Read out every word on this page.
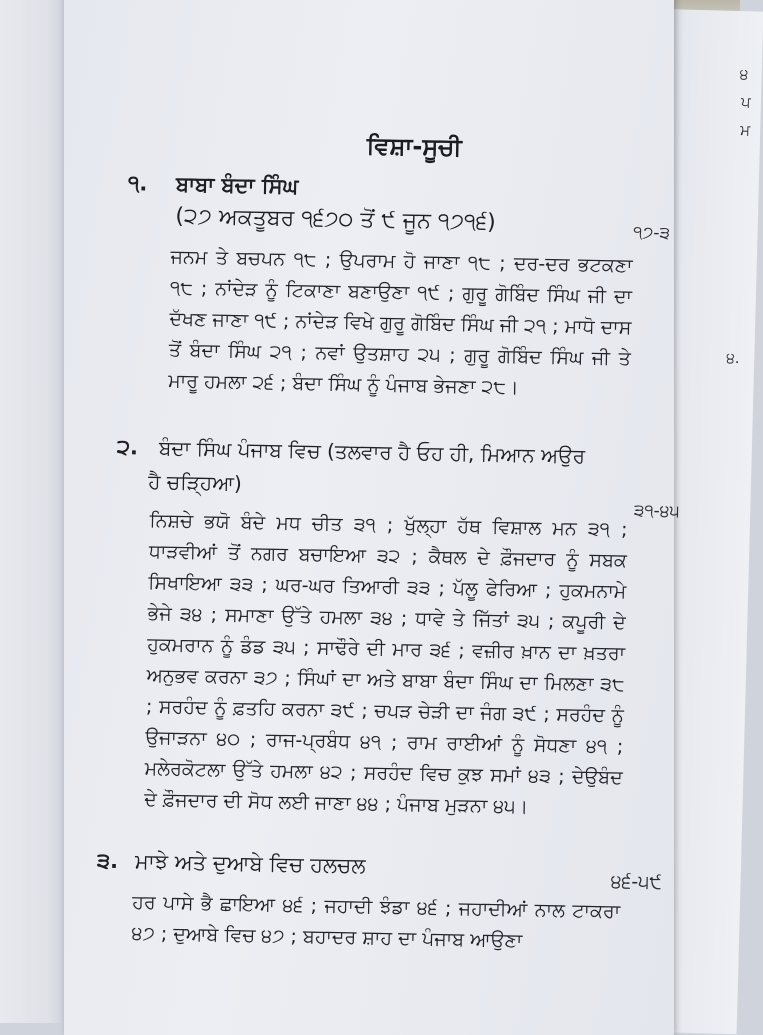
੪
ਪ
ਮ
੪.
ਵਿਸ਼ਾ-ਸੂਚੀ
੧. ਬਾਬਾ ਬੰਦਾ ਸਿੰਘ
(੨੭ ਅਕਤੂਬਰ ੧੬੭੦ ਤੋਂ ੯ ਜੂਨ ੧੭੧੬)	੧੭-੩
ਜਨਮ ਤੇ ਬਚਪਨ ੧੮ ; ਉਪਰਾਮ ਹੋ ਜਾਣਾ ੧੮ ; ਦਰ-ਦਰ ਭਟਕਣਾ ੧੮ ; ਨਾਂਦੇੜ ਨੂੰ ਟਿਕਾਣਾ ਬਣਾਉਣਾ ੧੯ ; ਗੁਰੂ ਗੋਬਿੰਦ ਸਿੰਘ ਜੀ ਦਾ ਦੱਖਣ ਜਾਣਾ ੧੯ ; ਨਾਂਦੇੜ ਵਿਖੇ ਗੁਰੂ ਗੋਬਿੰਦ ਸਿੰਘ ਜੀ ੨੧ ; ਮਾਧੋ ਦਾਸ ਤੋਂ ਬੰਦਾ ਸਿੰਘ ੨੧ ; ਨਵਾਂ ਉਤਸ਼ਾਹ ੨੫ ; ਗੁਰੂ ਗੋਬਿੰਦ ਸਿੰਘ ਜੀ ਤੇ ਮਾਰੂ ਹਮਲਾ ੨੬ ; ਬੰਦਾ ਸਿੰਘ ਨੂੰ ਪੰਜਾਬ ਭੇਜਣਾ ੨੮।
੨. ਬੰਦਾ ਸਿੰਘ ਪੰਜਾਬ ਵਿਚ (ਤਲਵਾਰ ਹੈ ਓਹ ਹੀ, ਮਿਆਨ ਅਉਰ
ਹੈ ਚੜ੍ਹਿਆ)
੩੧-੪੫
ਨਿਸ਼ਚੇ ਭਯੋ ਬੰਦੇ ਮਧ ਚੀਤ ੩੧ ; ਖੁੱਲ੍ਹਾ ਹੱਥ ਵਿਸ਼ਾਲ ਮਨ ੩੧ ; ਧਾੜਵੀਆਂ ਤੋਂ ਨਗਰ ਬਚਾਇਆ ੩੨ ; ਕੈਥਲ ਦੇ ਫ਼ੌਜਦਾਰ ਨੂੰ ਸਬਕ ਸਿਖਾਇਆ ੩੩ ; ਘਰ-ਘਰ ਤਿਆਰੀ ੩੩ ; ਪੱਲੂ ਫੇਰਿਆ ; ਹੁਕਮਨਾਮੇ ਭੇਜੇ ੩੪ ; ਸਮਾਣਾ ਉੱਤੇ ਹਮਲਾ ੩੪ ; ਧਾਵੇ ਤੇ ਜਿੱਤਾਂ ੩੫ ; ਕਪੂਰੀ ਦੇ ਹੁਕਮਰਾਨ ਨੂੰ ਡੰਡ ੩੫ ; ਸਾਢੌਰੇ ਦੀ ਮਾਰ ੩੬ ; ਵਜ਼ੀਰ ਖ਼ਾਨ ਦਾ ਖ਼ਤਰਾ ਅਨੁਭਵ ਕਰਨਾ ੩੭ ; ਸਿੰਘਾਂ ਦਾ ਅਤੇ ਬਾਬਾ ਬੰਦਾ ਸਿੰਘ ਦਾ ਮਿਲਣਾ ੩੮ ; ਸਰਹੰਦ ਨੂੰ ਫ਼ਤਹਿ ਕਰਨਾ ੩੯ ; ਚਪੜ ਚੇੜੀ ਦਾ ਜੰਗ ੩੯ ; ਸਰਹੰਦ ਨੂੰ ਉਜਾੜਨਾ ੪੦ ; ਰਾਜ-ਪ੍ਰਬੰਧ ੪੧ ; ਰਾਮ ਰਾਈਆਂ ਨੂੰ ਸੋਧਣਾ ੪੧ ; ਮਲੇਰਕੋਟਲਾ ਉੱਤੇ ਹਮਲਾ ੪੨ ; ਸਰਹੰਦ ਵਿਚ ਕੁਝ ਸਮਾਂ ੪੩ ; ਦੇਉਬੰਦ ਦੇ ਫ਼ੌਜਦਾਰ ਦੀ ਸੋਧ ਲਈ ਜਾਣਾ ੪੪ ; ਪੰਜਾਬ ਮੁੜਨਾ ੪੫।
੩. ਮਾਝੇ ਅਤੇ ਦੁਆਬੇ ਵਿਚ ਹਲਚਲ
੪੬-੫੯
ਹਰ ਪਾਸੇ ਭੈ ਛਾਇਆ ੪੬ ; ਜਹਾਦੀ ਝੰਡਾ ੪੬ ; ਜਹਾਦੀਆਂ ਨਾਲ ਟਾਕਰਾ ੪੭ ; ਦੁਆਬੇ ਵਿਚ ੪੭ ; ਬਹਾਦਰ ਸ਼ਾਹ ਦਾ ਪੰਜਾਬ ਆਉਣਾ
